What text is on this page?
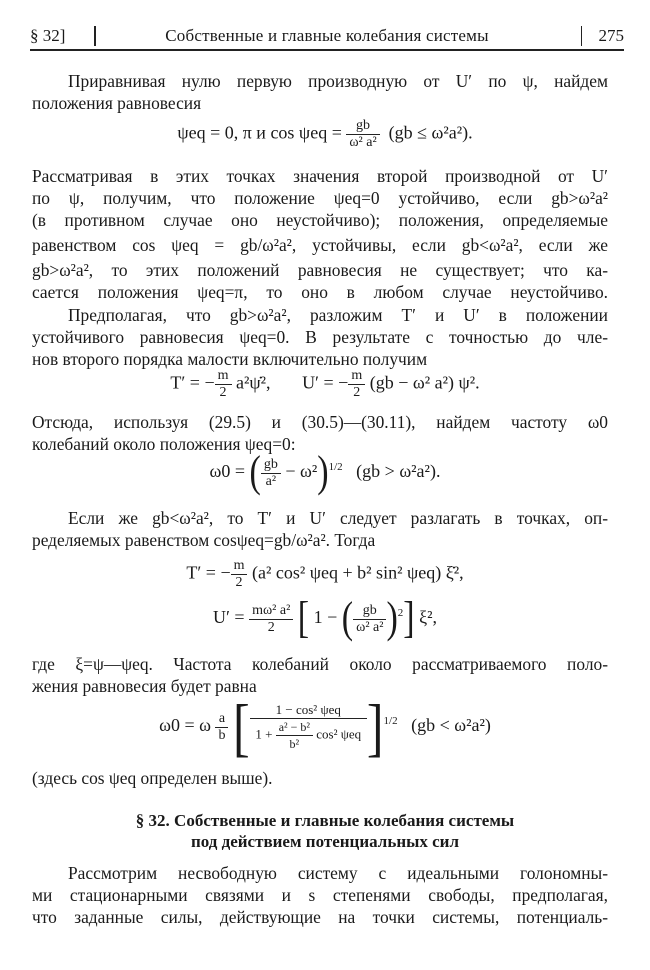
§ 32]	Собственные и главные колебания системы	275
Приравнивая нулю первую производную от U′ по ψ, найдем
положения равновесия
ψeq = 0, π и $\cos \psi eq = \frac{gb}{\text{ω² a²}} (gb \le \omega^2a^2)$.
Рассматривая в этих точках значения второй производной от U′
по ψ, получим, что положение ψeq=0 устойчиво, если gb>ω²a²
(в противном случае оно неустойчиво); положения, определяемые
равенством cos ψeq = gb/ω²a², устойчивы, если gb<ω²a², если же
gb>ω²a², то этих положений равновесия не существует; что ка-
сается положения ψeq=π, то оно в любом случае неустойчиво.
Предполагая, что gb>ω²a², разложим T′ и U′ в положении
устойчивого равновесия ψeq=0. В результате с точностью до чле-
нов второго порядка малости включительно получим
T′ = − $\frac{m}{2}$ a²ψ̇², U′ = − $\frac{m}{2} (gb - \omega^2$ a²) ψ².
Отсюда, используя (29.5) и (30.5)—(30.11), найдем частоту ω0
колебаний около положения ψeq=0:
ω0 = ( $\frac{gb}{\text{a²}} - \omega^2)^{1/2}$ (gb > ω²a²).
Если же gb<ω²a², то T′ и U′ следует разлагать в точках, оп-
ределяемых равенством cosψeq=gb/ω²a². Тогда
T′ = − $\frac{m}{2} (a^2$ cos² ψeq + b² sin² ψeq) ξ̇²,
$U' = \frac{\text{mω² a²}}{2}$ [ 1 − ( $\frac{gb}{\text{ω² a²}} )^2$] ξ²,
где ξ=ψ—ψeq. Частота колебаний около рассматриваемого поло-
жения равновесия будет равна
ω0 = ω $\frac{a}{b}$ [ $\frac{\text{1 − cos² ψeq}}{1 + \frac{\text{a² − b²}}{\text{b²}} \cos^2 \psi eq} ]^{1/2}$ (gb < ω²a²)
(здесь cos ψeq определен выше).
§ 32. Собственные и главные колебания системы
под действием потенциальных сил
Рассмотрим несвободную систему с идеальными голономны-
ми стационарными связями и s степенями свободы, предполагая,
что заданные силы, действующие на точки системы, потенциаль-
